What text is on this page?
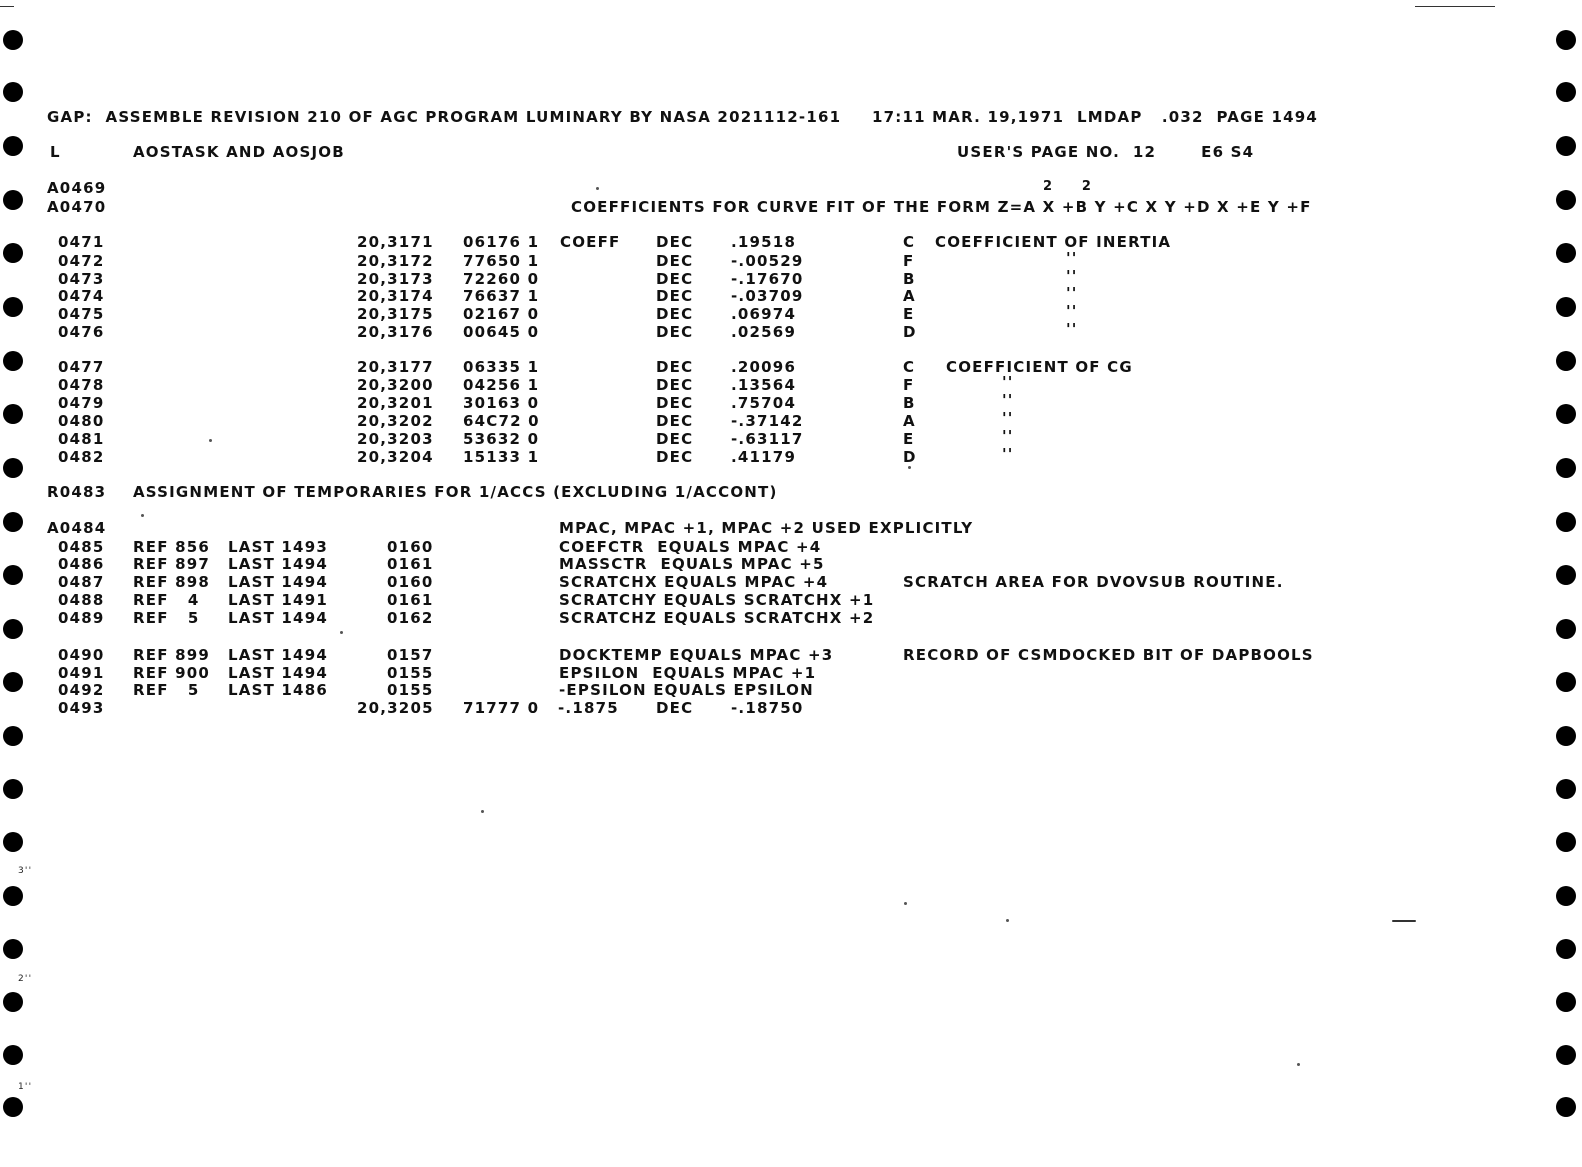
GAP:  ASSEMBLE REVISION 210 OF AGC PROGRAM LUMINARY BY NASA 2021112-161 17:11 MAR. 19,1971  LMDAP   .032  PAGE 1494
L	AOSTASK AND AOSJOB	USER'S PAGE NO.  12       E6 S4
2     2
A0469
A0470	COEFFICIENTS FOR CURVE FIT OF THE FORM Z=A X +B Y +C X Y +D X +E Y +F
0471	20,3171 06176 1 COEFF DEC	.19518	C COEFFICIENT OF INERTIA
0472	20,3172 77650 1	DEC	-.00529	F	''
0473	20,3173 72260 0	DEC	-.17670	B	''
0474	20,3174 76637 1	DEC	-.03709	A	''
0475	20,3175 02167 0	DEC	.06974	E	''
0476	20,3176 00645 0	DEC	.02569	D	''
0477	20,3177 06335 1	DEC	.20096	C COEFFICIENT OF CG
0478	20,3200 04256 1	DEC	.13564	F	''
0479	20,3201 30163 0	DEC	.75704	B	''
0480	20,3202 64C72 0	DEC	-.37142	A	''
0481	20,3203 53632 0	DEC	-.63117	E	''
0482	20,3204 15133 1	DEC	.41179	D	''
R0483 ASSIGNMENT OF TEMPORARIES FOR 1/ACCS (EXCLUDING 1/ACCONT)
A0484	MPAC, MPAC +1, MPAC +2 USED EXPLICITLY
0485 REF 856 LAST 1493	0160	COEFCTR  EQUALS MPAC +4
0486 REF 897 LAST 1494	0161	MASSCTR  EQUALS MPAC +5
0487 REF 898 LAST 1494	0160	SCRATCHX EQUALS MPAC +4	SCRATCH AREA FOR DVOVSUB ROUTINE.
0488 REF   4 LAST 1491	0161	SCRATCHY EQUALS SCRATCHX +1
0489 REF   5 LAST 1494	0162	SCRATCHZ EQUALS SCRATCHX +2
0490 REF 899 LAST 1494	0157	DOCKTEMP EQUALS MPAC +3	RECORD OF CSMDOCKED BIT OF DAPBOOLS
0491 REF 900 LAST 1494	0155	EPSILON  EQUALS MPAC +1
0492 REF   5 LAST 1486	0155	-EPSILON EQUALS EPSILON
0493	20,3205 71777 0 -.1875 DEC	-.18750
3''
2''
1''
